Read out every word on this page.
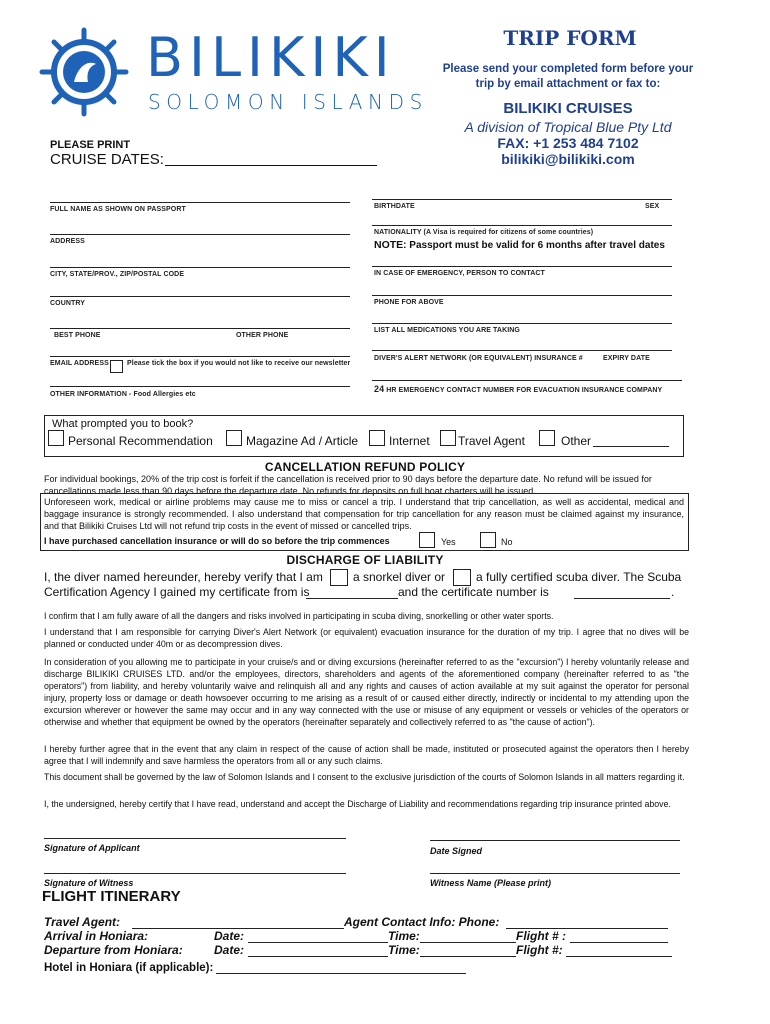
BILIKIKI
SOLOMON ISLANDS
TRIP FORM
Please send your completed form before your trip by email attachment or fax to:
BILIKIKI CRUISES
A division of Tropical Blue Pty Ltd
FAX: +1 253 484 7102
bilikiki@bilikiki.com
PLEASE PRINT
CRUISE DATES:
FULL NAME AS SHOWN ON PASSPORT
ADDRESS
CITY, STATE/PROV., ZIP/POSTAL CODE
COUNTRY
BEST PHONE	OTHER PHONE
EMAIL ADDRESS	Please tick the box if you would not like to receive our newsletter
OTHER INFORMATION - Food Allergies etc
BIRTHDATE	SEX
NATIONALITY (A Visa is required for citizens of some countries)
NOTE: Passport must be valid for 6 months after travel dates
IN CASE OF EMERGENCY, PERSON TO CONTACT
PHONE FOR ABOVE
LIST ALL MEDICATIONS YOU ARE TAKING
DIVER'S ALERT NETWORK (OR EQUIVALENT) INSURANCE #	EXPIRY DATE
24 HR EMERGENCY CONTACT NUMBER FOR EVACUATION INSURANCE COMPANY
What prompted you to book?
Personal Recommendation	Magazine Ad / Article	Internet Travel Agent	Other
CANCELLATION REFUND POLICY
For individual bookings, 20% of the trip cost is forfeit if the cancellation is received prior to 90 days before the departure date. No refund will be issued for cancellations made less than 90 days before the departure date. No refunds for deposits on full boat charters will be issued.
Unforeseen work, medical or airline problems may cause me to miss or cancel a trip. I understand that trip cancellation, as well as accidental, medical and baggage insurance is strongly recommended. I also understand that compensation for trip cancellation for any reason must be claimed against my insurance, and that Bilikiki Cruises Ltd will not refund trip costs in the event of missed or cancelled trips.
I have purchased cancellation insurance or will do so before the trip commences	Yes	No
DISCHARGE OF LIABILITY
I, the diver named hereunder, hereby verify that I am	a snorkel diver or	a fully certified scuba diver. The Scuba
Certification Agency I gained my certificate from is	and the certificate number is	.
I confirm that I am fully aware of all the dangers and risks involved in participating in scuba diving, snorkelling or other water sports.
I understand that I am responsible for carrying Diver's Alert Network (or equivalent) evacuation insurance for the duration of my trip. I agree that no dives will be planned or conducted under 40m or as decompression dives.
In consideration of you allowing me to participate in your cruise/s and or diving excursions (hereinafter referred to as the "excursion") I hereby voluntarily release and discharge BILIKIKI CRUISES LTD. and/or the employees, directors, shareholders and agents of the aforementioned company (hereinafter referred to as "the operators") from liability, and hereby voluntarily waive and relinquish all and any rights and causes of action available at my suit against the operator for personal injury, property loss or damage or death howsoever occurring to me arising as a result of or caused either directly, indirectly or incidental to my attending upon the excursion wherever or however the same may occur and in any way connected with the use or misuse of any equipment or vessels or vehicles of the operators or otherwise and whether that equipment be owned by the operators (hereinafter separately and collectively referred to as "the cause of action").
I hereby further agree that in the event that any claim in respect of the cause of action shall be made, instituted or prosecuted against the operators then I hereby agree that I will indemnify and save harmless the operators from all or any such claims.
This document shall be governed by the law of Solomon Islands and I consent to the exclusive jurisdiction of the courts of Solomon Islands in all matters regarding it.
I, the undersigned, hereby certify that I have read, understand and accept the Discharge of Liability and recommendations regarding trip insurance printed above.
Signature of Applicant	Date Signed
Signature of Witness	Witness Name (Please print)
FLIGHT ITINERARY
Travel Agent:	Agent Contact Info: Phone:
Arrival in Honiara:	Date:	Time:	Flight # :
Departure from Honiara:	Date:	Time:	Flight #:
Hotel in Honiara (if applicable):
